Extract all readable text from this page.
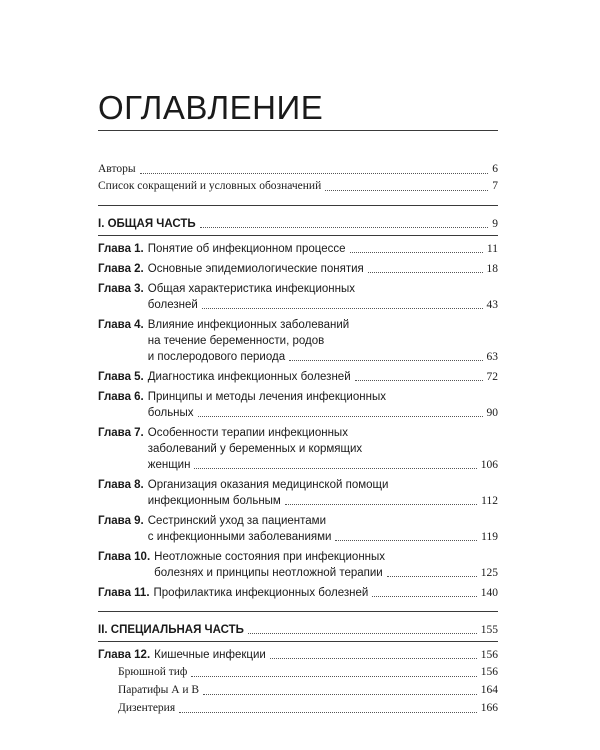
ОГЛАВЛЕНИЕ
Авторы	6
Список сокращений и условных обозначений	7
I. ОБЩАЯ ЧАСТЬ	9
Глава 1. Понятие об инфекционном процессе	11
Глава 2. Основные эпидемиологические понятия	18
Глава 3. Общая характеристика инфекционных
болезней	43
Глава 4. Влияние инфекционных заболеваний
на течение беременности, родов
и послеродового периода	63
Глава 5. Диагностика инфекционных болезней	72
Глава 6. Принципы и методы лечения инфекционных
больных	90
Глава 7. Особенности терапии инфекционных
заболеваний у беременных и кормящих
женщин	106
Глава 8. Организация оказания медицинской помощи
инфекционным больным	112
Глава 9. Сестринский уход за пациентами
с инфекционными заболеваниями	119
Глава 10. Неотложные состояния при инфекционных
болезнях и принципы неотложной терапии	125
Глава 11. Профилактика инфекционных болезней	140
II. СПЕЦИАЛЬНАЯ ЧАСТЬ	155
Глава 12. Кишечные инфекции	156
Брюшной тиф	156
Паратифы А и В	164
Дизентерия	166
